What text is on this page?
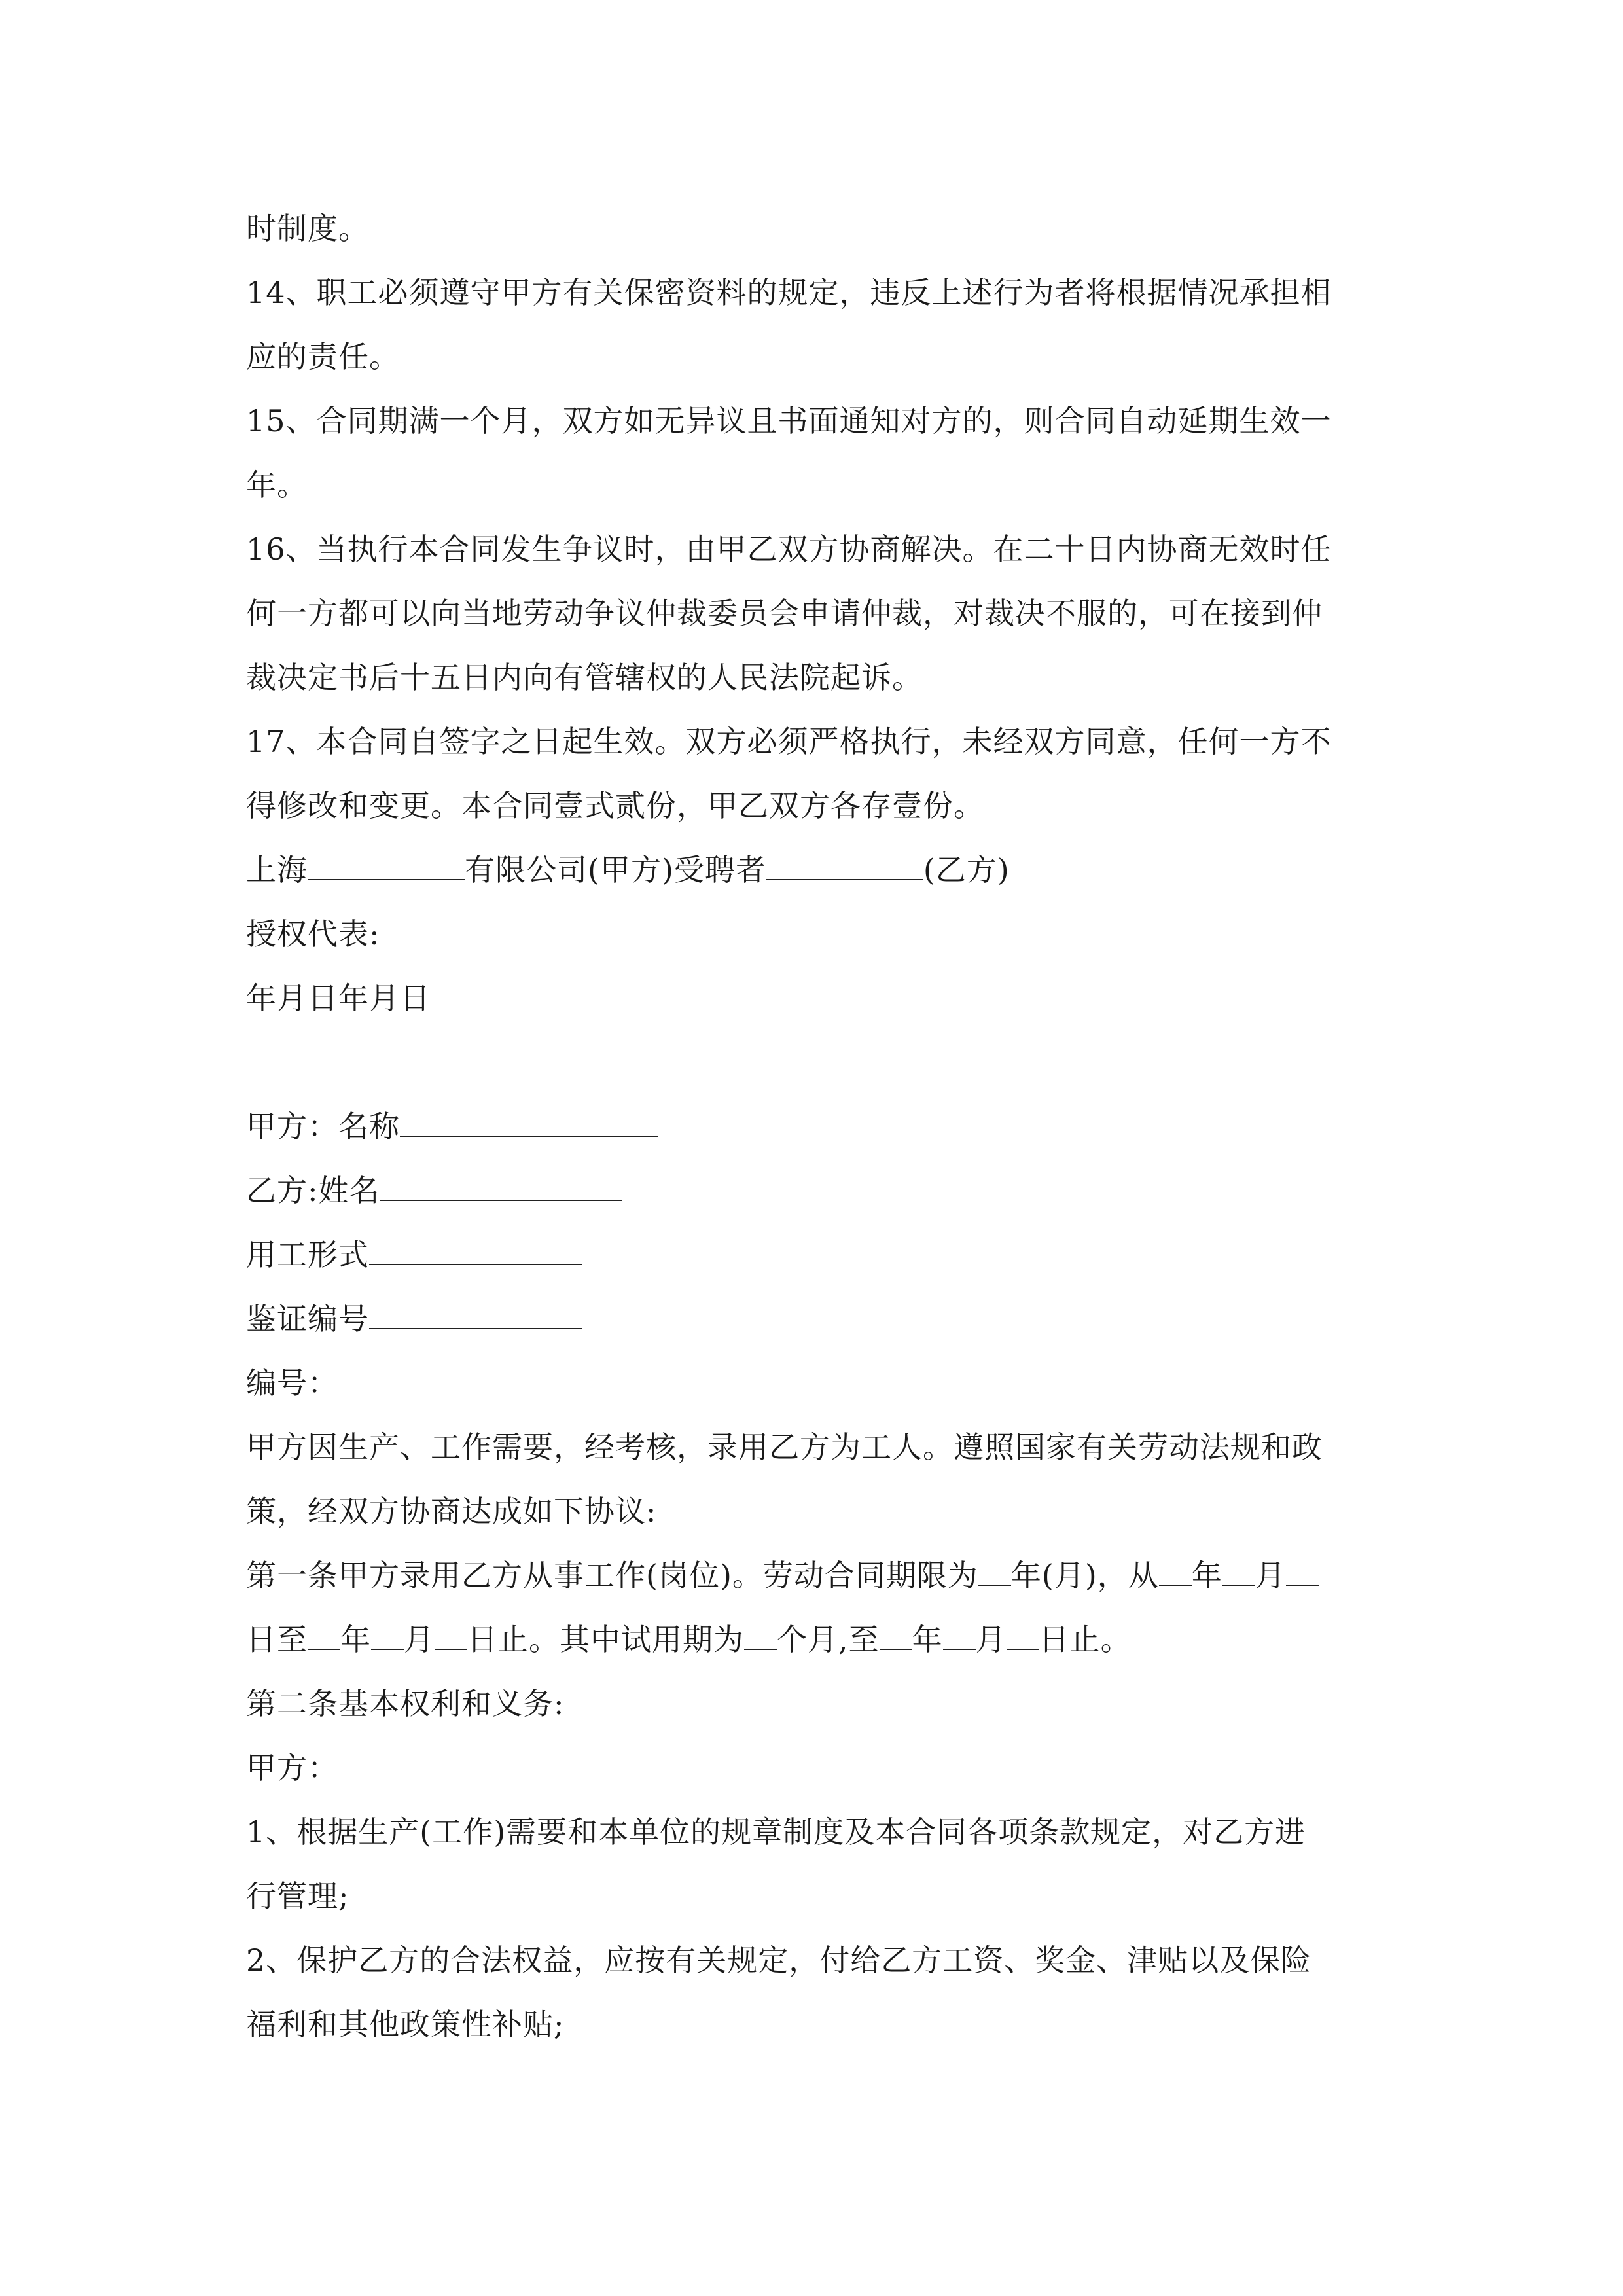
时制度。
14、职工必须遵守甲方有关保密资料的规定，违反上述行为者将根据情况承担相
应的责任。
15、合同期满一个月，双方如无异议且书面通知对方的，则合同自动延期生效一
年。
16、当执行本合同发生争议时，由甲乙双方协商解决。在二十日内协商无效时任
何一方都可以向当地劳动争议仲裁委员会申请仲裁，对裁决不服的，可在接到仲
裁决定书后十五日内向有管辖权的人民法院起诉。
17、本合同自签字之日起生效。双方必须严格执行，未经双方同意，任何一方不
得修改和变更。本合同壹式贰份，甲乙双方各存壹份。
上海	有限公司(甲方)受聘者	(乙方)
授权代表:
年月日年月日
甲方：名称
乙方:姓名
用工形式
鉴证编号
编号：
甲方因生产、工作需要，经考核，录用乙方为工人。遵照国家有关劳动法规和政
策，经双方协商达成如下协议:
第一条甲方录用乙方从事工作(岗位)。劳动合同期限为 年(月)，从 年 月
日至 年 月 日止。其中试用期为 个月,至 年 月 日止。
第二条基本权利和义务:
甲方：
1、根据生产(工作)需要和本单位的规章制度及本合同各项条款规定，对乙方进
行管理;
2、保护乙方的合法权益，应按有关规定，付给乙方工资、奖金、津贴以及保险
福利和其他政策性补贴;
